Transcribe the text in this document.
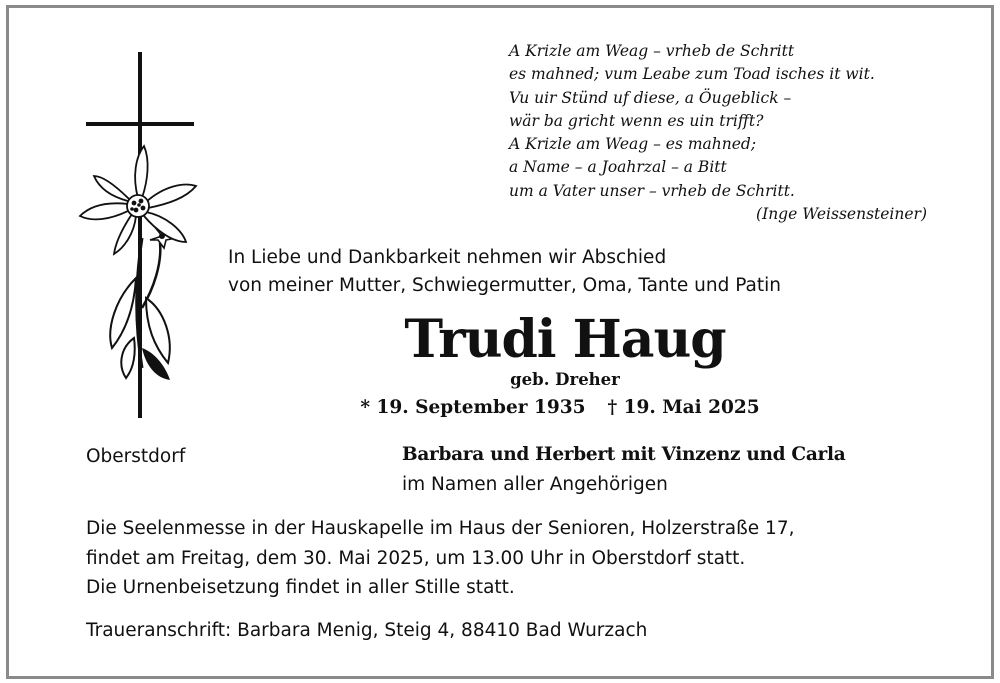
A Krizle am Weag – vrheb de Schritt
es mahned; vum Leabe zum Toad isches it wit.
Vu uir Stünd uf diese, a Öugeblick –
wär ba gricht wenn es uin trifft?
A Krizle am Weag – es mahned;
a Name – a Joahrzal – a Bitt
um a Vater unser – vrheb de Schritt.
(Inge Weissensteiner)
In Liebe und Dankbarkeit nehmen wir Abschied
von meiner Mutter, Schwiegermutter, Oma, Tante und Patin
Trudi Haug
geb. Dreher
* 19. September 1935 † 19. Mai 2025
Oberstdorf	Barbara und Herbert mit Vinzenz und Carla
im Namen aller Angehörigen
Die Seelenmesse in der Hauskapelle im Haus der Senioren, Holzerstraße 17,
findet am Freitag, dem 30. Mai 2025, um 13.00 Uhr in Oberstdorf statt.
Die Urnenbeisetzung findet in aller Stille statt.
Traueranschrift: Barbara Menig, Steig 4, 88410 Bad Wurzach
